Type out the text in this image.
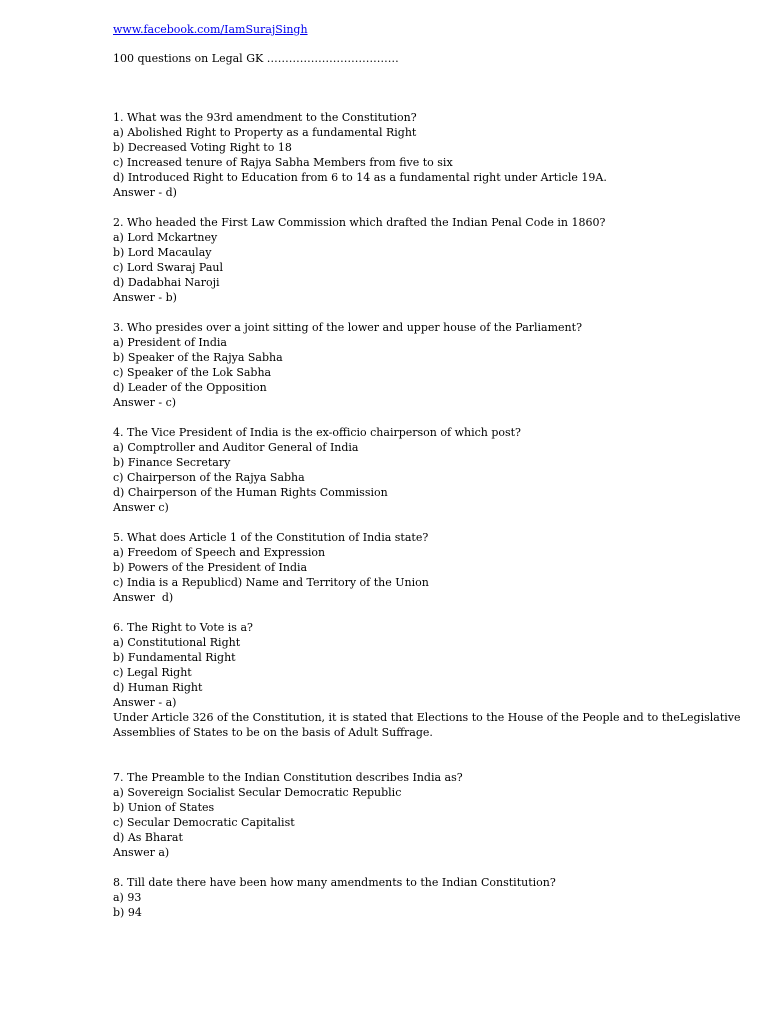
www.facebook.com/IamSurajSingh
100 questions on Legal GK ………………………………
1. What was the 93rd amendment to the Constitution?
a) Abolished Right to Property as a fundamental Right
b) Decreased Voting Right to 18
c) Increased tenure of Rajya Sabha Members from five to six
d) Introduced Right to Education from 6 to 14 as a fundamental right under Article 19A.
Answer - d)
2. Who headed the First Law Commission which drafted the Indian Penal Code in 1860?
a) Lord Mckartney
b) Lord Macaulay
c) Lord Swaraj Paul
d) Dadabhai Naroji
Answer - b)
3. Who presides over a joint sitting of the lower and upper house of the Parliament?
a) President of India
b) Speaker of the Rajya Sabha
c) Speaker of the Lok Sabha
d) Leader of the Opposition
Answer - c)
4. The Vice President of India is the ex-officio chairperson of which post?
a) Comptroller and Auditor General of India
b) Finance Secretary
c) Chairperson of the Rajya Sabha
d) Chairperson of the Human Rights Commission
Answer c)
5. What does Article 1 of the Constitution of India state?
a) Freedom of Speech and Expression
b) Powers of the President of India
c) India is a Republicd) Name and Territory of the Union
Answer  d)
6. The Right to Vote is a?
a) Constitutional Right
b) Fundamental Right
c) Legal Right
d) Human Right
Answer - a)
Under Article 326 of the Constitution, it is stated that Elections to the House of the People and to theLegislative Assemblies of States to be on the basis of Adult Suffrage.
7. The Preamble to the Indian Constitution describes India as?
a) Sovereign Socialist Secular Democratic Republic
b) Union of States
c) Secular Democratic Capitalist
d) As Bharat
Answer a)
8. Till date there have been how many amendments to the Indian Constitution?
a) 93
b) 94
